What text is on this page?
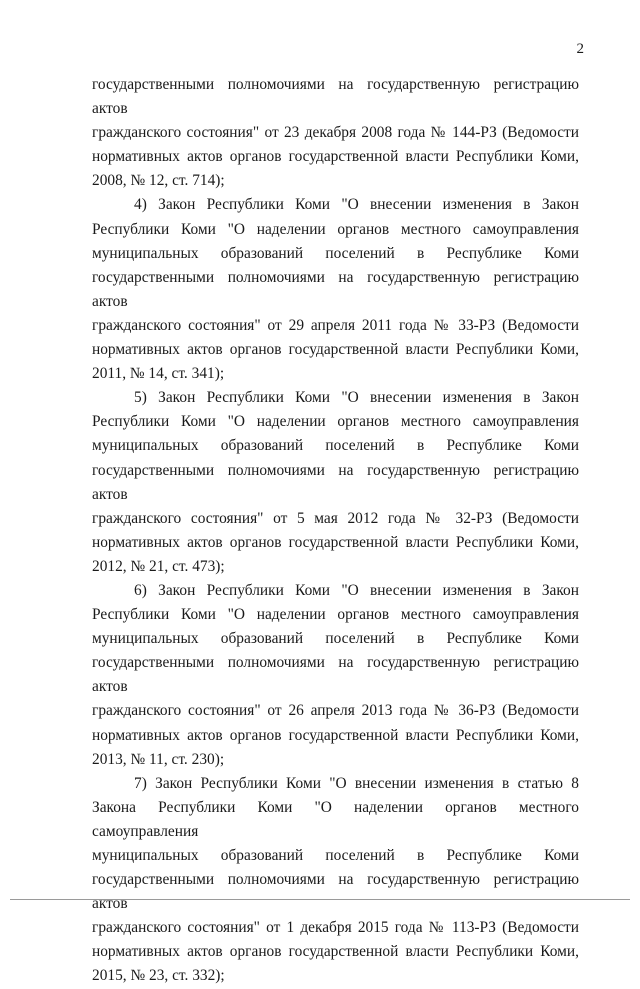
2

государственными полномочиями на государственную регистрацию актов
гражданского состояния" от 23 декабря 2008 года № 144-РЗ (Ведомости
нормативных актов органов государственной власти Республики Коми,
2008, № 12, ст. 714);

4) Закон Республики Коми "О внесении изменения в Закон
Республики Коми "О наделении органов местного самоуправления
муниципальных образований поселений в Республике Коми
государственными полномочиями на государственную регистрацию актов
гражданского состояния" от 29 апреля 2011 года № 33-РЗ (Ведомости
нормативных актов органов государственной власти Республики Коми,
2011, № 14, ст. 341);

5) Закон Республики Коми "О внесении изменения в Закон
Республики Коми "О наделении органов местного самоуправления
муниципальных образований поселений в Республике Коми
государственными полномочиями на государственную регистрацию актов
гражданского состояния" от 5 мая 2012 года № 32-РЗ (Ведомости
нормативных актов органов государственной власти Республики Коми,
2012, № 21, ст. 473);

6) Закон Республики Коми "О внесении изменения в Закон
Республики Коми "О наделении органов местного самоуправления
муниципальных образований поселений в Республике Коми
государственными полномочиями на государственную регистрацию актов
гражданского состояния" от 26 апреля 2013 года № 36-РЗ (Ведомости
нормативных актов органов государственной власти Республики Коми,
2013, № 11, ст. 230);

7) Закон Республики Коми "О внесении изменения в статью 8
Закона Республики Коми "О наделении органов местного самоуправления
муниципальных образований поселений в Республике Коми
государственными полномочиями на государственную регистрацию актов
гражданского состояния" от 1 декабря 2015 года № 113-РЗ (Ведомости
нормативных актов органов государственной власти Республики Коми,
2015, № 23, ст. 332);
